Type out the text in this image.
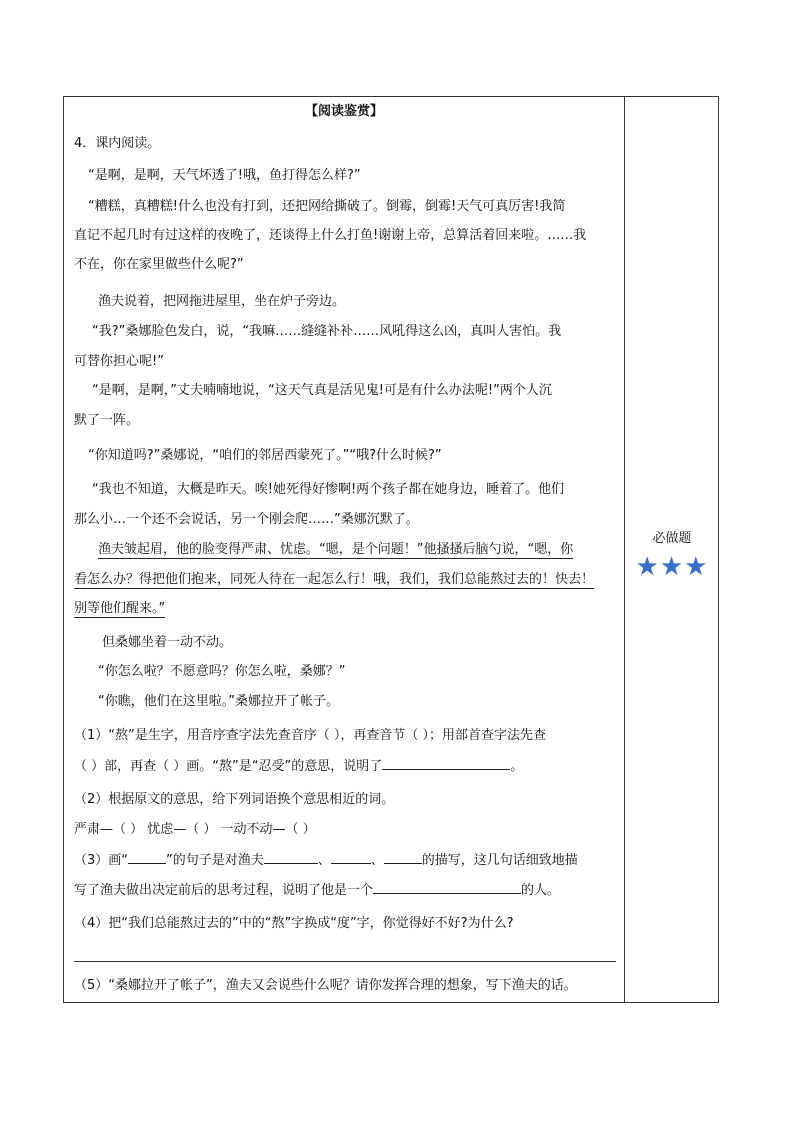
【阅读鉴赏】
4．课内阅读。
“是啊，是啊，天气坏透了!哦，鱼打得怎么样?”
“糟糕，真糟糕!什么也没有打到，还把网给撕破了。倒霉，倒霉!天气可真厉害!我简
直记不起几时有过这样的夜晚了，还谈得上什么打鱼!谢谢上帝，总算活着回来啦。……我
不在，你在家里做些什么呢?”
渔夫说着，把网拖进屋里，坐在炉子旁边。
“我?”桑娜脸色发白，说，“我嘛……缝缝补补……风吼得这么凶，真叫人害怕。我
可替你担心呢!”
“是啊，是啊，”丈夫喃喃地说，“这天气真是活见鬼!可是有什么办法呢!”两个人沉
默了一阵。
“你知道吗?”桑娜说，“咱们的邻居西蒙死了。”“哦?什么时候?”
“我也不知道，大概是昨天。唉!她死得好惨啊!两个孩子都在她身边，睡着了。他们
那么小…一个还不会说话，另一个刚会爬……”桑娜沉默了。
渔夫皱起眉，他的脸变得严肃、忧虑。“嗯，是个问题！”他搔搔后脑勺说，“嗯，你
看怎么办？得把他们抱来，同死人待在一起怎么行！哦，我们，我们总能熬过去的！快去！
别等他们醒来。”
但桑娜坐着一动不动。
“你怎么啦？不愿意吗？你怎么啦，桑娜？”
“你瞧，他们在这里啦。”桑娜拉开了帐子。
（1）“熬”是生字，用音序查字法先查音序（ ），再查音节（ ）；用部首查字法先查
（ ）部，再查（ ）画。“熬”是“忍受”的意思，说明了	。
（2）根据原文的意思，给下列词语换个意思相近的词。
严肃—（ ） 忧虑—（ ） 一动不动—（ ）
（3）画“	”的句子是对渔夫	、	、	的描写，这几句话细致地描
写了渔夫做出决定前后的思考过程，说明了他是一个	的人。
（4）把“我们总能熬过去的”中的“熬”字换成“度”字，你觉得好不好?为什么?
（5）“桑娜拉开了帐子”，渔夫又会说些什么呢？请你发挥合理的想象，写下渔夫的话。
必做题
★★★
